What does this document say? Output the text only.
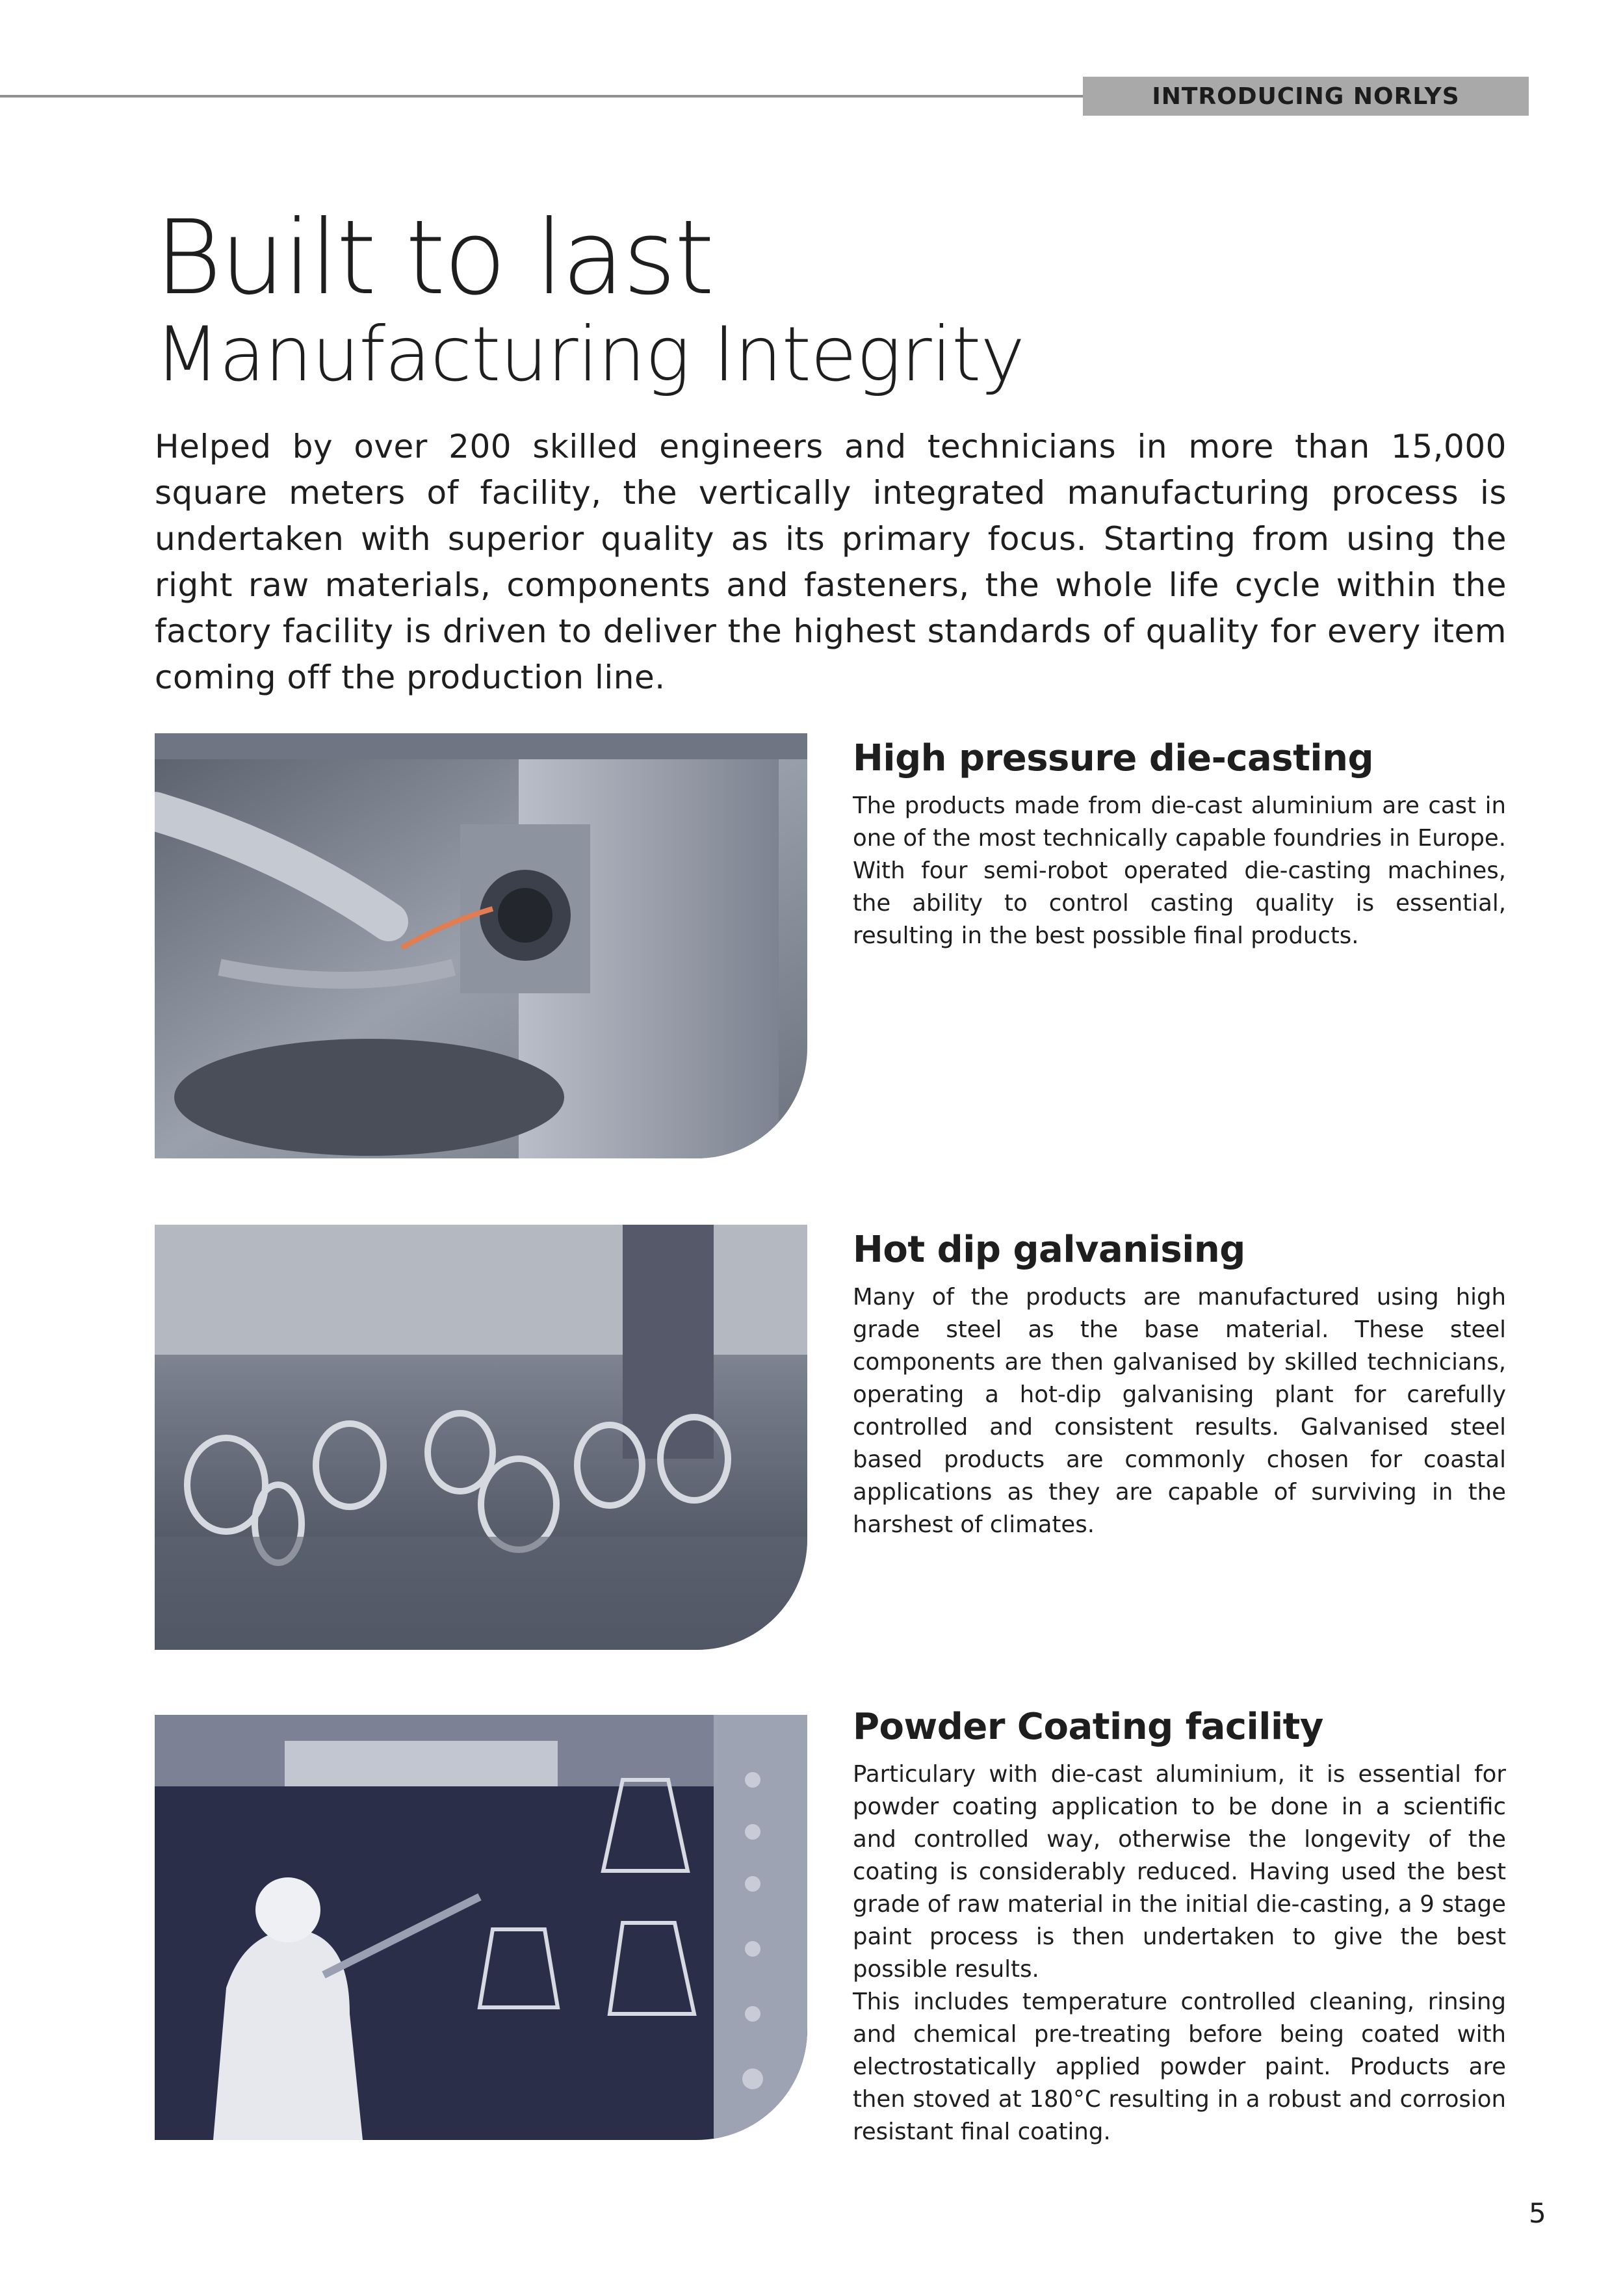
INTRODUCING NORLYS
Built to last
Manufacturing Integrity

Helped by over 200 skilled engineers and technicians in more than 15,000 square meters of facility, the vertically integrated manufacturing process is undertaken with superior quality as its primary focus. Starting from using the right raw materials, components and fasteners, the whole life cycle within the factory facility is driven to deliver the highest standards of quality for every item coming off the production line.

High pressure die-casting

The products made from die-cast aluminium are cast in one of the most technically capable foundries in Europe. With four semi-robot operated die-casting machines, the ability to control casting quality is essential, resulting in the best possible final products.

Hot dip galvanising

Many of the products are manufactured using high grade steel as the base material. These steel components are then galvanised by skilled technicians, operating a hot-dip galvanising plant for carefully controlled and consistent results. Galvanised steel based products are commonly chosen for coastal applications as they are capable of surviving in the harshest of climates.

Powder Coating facility

Particulary with die-cast aluminium, it is essential for powder coating application to be done in a scientific and controlled way, otherwise the longevity of the coating is considerably reduced. Having used the best grade of raw material in the initial die-casting, a 9 stage paint process is then undertaken to give the best possible results.

This includes temperature controlled cleaning, rinsing and chemical pre-treating before being coated with electrostatically applied powder paint. Products are then stoved at 180°C resulting in a robust and corrosion resistant final coating.

5
